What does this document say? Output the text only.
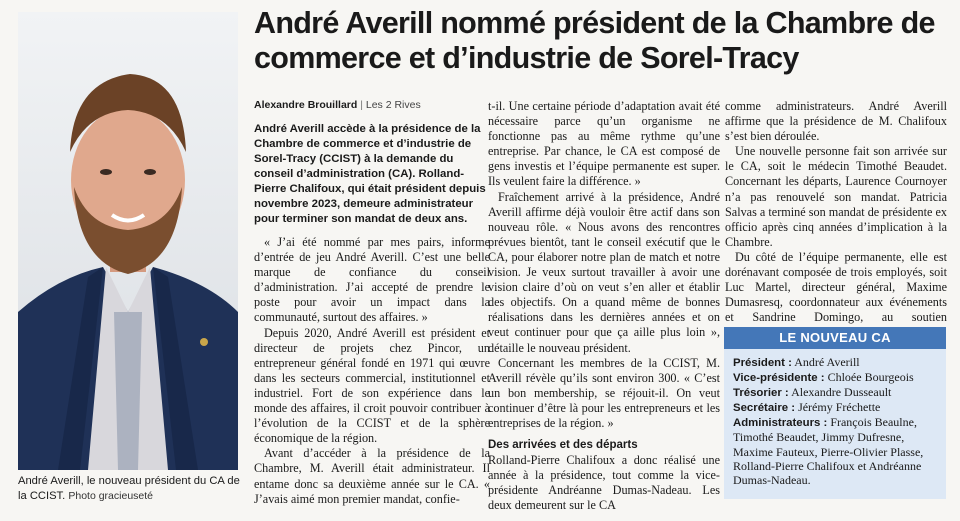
André Averill nommé président de la Chambre de commerce et d’industrie de Sorel-Tracy
André Averill, le nouveau président du CA de la CCIST. Photo gracieuseté
Alexandre Brouillard | Les 2 Rives

André Averill accède à la présidence de la Chambre de commerce et d’industrie de Sorel-Tracy (CCIST) à la demande du conseil d’administration (CA). Rolland-Pierre Chalifoux, qui était président depuis novembre 2023, demeure administrateur pour terminer son mandat de deux ans.

« J’ai été nommé par mes pairs, informe d’entrée de jeu André Averill. C’est une belle marque de confiance du conseil d’administration. J’ai accepté de prendre le poste pour avoir un impact dans la communauté, surtout des affaires. »

Depuis 2020, André Averill est président et directeur de projets chez Pincor, un entrepreneur général fondé en 1971 qui œuvre dans les secteurs commercial, institutionnel et industriel. Fort de son expérience dans le monde des affaires, il croit pouvoir contribuer à l’évolution de la CCIST et de la sphère économique de la région.

Avant d’accéder à la présidence de la Chambre, M. Averill était administrateur. Il entame donc sa deuxième année sur le CA. « J’avais aimé mon premier mandat, confie-

t-il. Une certaine période d’adaptation avait été nécessaire parce qu’un organisme ne fonctionne pas au même rythme qu’une entreprise. Par chance, le CA est composé de gens investis et l’équipe permanente est super. Ils veulent faire la différence. »

Fraîchement arrivé à la présidence, André Averill affirme déjà vouloir être actif dans son nouveau rôle. « Nous avons des rencontres prévues bientôt, tant le conseil exécutif que le CA, pour élaborer notre plan de match et notre vision. Je veux surtout travailler à avoir une vision claire d’où on veut s’en aller et établir des objectifs. On a quand même de bonnes réalisations dans les dernières années et on veut continuer pour que ça aille plus loin », détaille le nouveau président.

Concernant les membres de la CCIST, M. Averill révèle qu’ils sont environ 300. « C’est un bon membership, se réjouit-il. On veut continuer d’être là pour les entrepreneurs et les entreprises de la région. »

Des arrivées et des départs

Rolland-Pierre Chalifoux a donc réalisé une année à la présidence, tout comme la vice-présidente Andréanne Dumas-Nadeau. Les deux demeurent sur le CA

comme administrateurs. André Averill affirme que la présidence de M. Chalifoux s’est bien déroulée.

Une nouvelle personne fait son arrivée sur le CA, soit le médecin Timothé Beaudet. Concernant les départs, Laurence Cournoyer n’a pas renouvelé son mandat. Patricia Salvas a terminé son mandat de présidente ex officio après cinq années d’implication à la Chambre.

Du côté de l’équipe permanente, elle est dorénavant composée de trois employés, soit Luc Martel, directeur général, Maxime Dumasresq, coordonnateur aux événements et Sandrine Domingo, au soutien

LE NOUVEAU CA

Président : André Averill

Vice-présidente : Chloée Bourgeois

Trésorier : Alexandre Dusseault

Secrétaire : Jérémy Fréchette

Administrateurs : François Beaulne, Timothé Beaudet, Jimmy Dufresne, Maxime Fauteux, Pierre-Olivier Plasse, Rolland-Pierre Chalifoux et Andréanne Dumas-Nadeau.
